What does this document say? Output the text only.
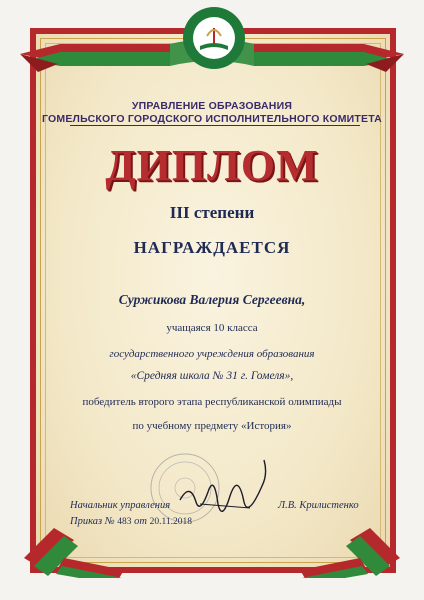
УПРАВЛЕНИЕ ОБРАЗОВАНИЯ
ГОМЕЛЬСКОГО ГОРОДСКОГО ИСПОЛНИТЕЛЬНОГО КОМИТЕТА
ДИПЛОМ
III степени
НАГРАЖДАЕТСЯ
Суржикова Валерия Сергеевна,
учащаяся 10 класса
государственного учреждения образования
«Средняя школа № 31 г. Гомеля»,
победитель второго этапа республиканской олимпиады
по учебному предмету «История»
Начальник управления	Л.В. Крилистенко
Приказ № 483 от 20.11.2018
